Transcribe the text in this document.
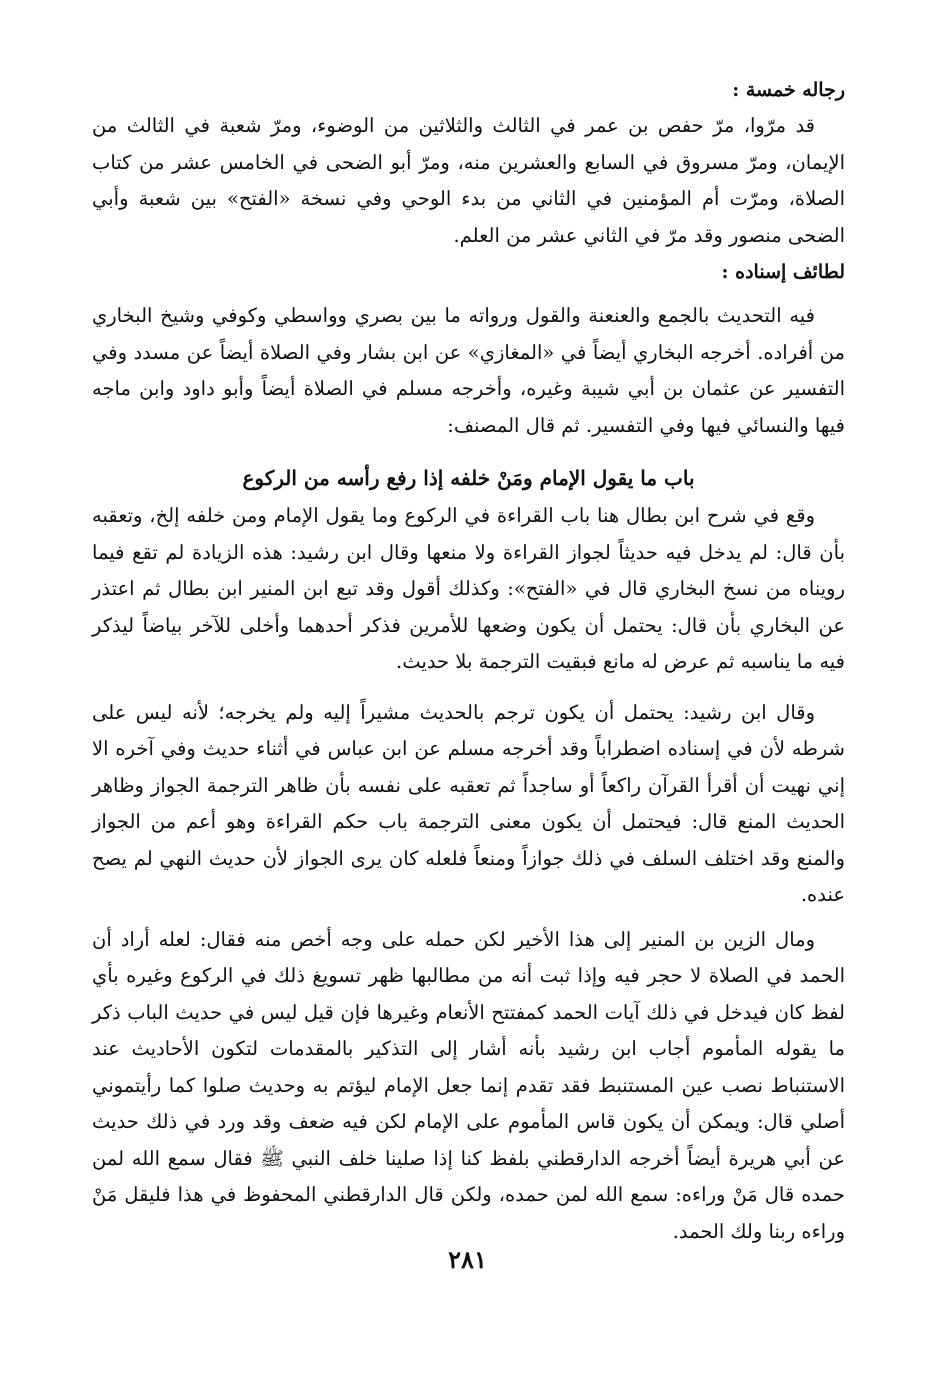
رجاله خمسة :

قد مرّوا، مرّ حفص بن عمر في الثالث والثلاثين من الوضوء، ومرّ شعبة في الثالث من الإيمان، ومرّ مسروق في السابع والعشرين منه، ومرّ أبو الضحى في الخامس عشر من كتاب الصلاة، ومرّت أم المؤمنين في الثاني من بدء الوحي وفي نسخة «الفتح» بين شعبة وأبي الضحى منصور وقد مرّ في الثاني عشر من العلم.

لطائف إسناده :

فيه التحديث بالجمع والعنعنة والقول ورواته ما بين بصري وواسطي وكوفي وشيخ البخاري من أفراده. أخرجه البخاري أيضاً في «المغازي» عن ابن بشار وفي الصلاة أيضاً عن مسدد وفي التفسير عن عثمان بن أبي شيبة وغيره، وأخرجه مسلم في الصلاة أيضاً وأبو داود وابن ماجه فيها والنسائي فيها وفي التفسير. ثم قال المصنف:

باب ما يقول الإمام ومَنْ خلفه إذا رفع رأسه من الركوع

وقع في شرح ابن بطال هنا باب القراءة في الركوع وما يقول الإمام ومن خلفه إلخ، وتعقبه بأن قال: لم يدخل فيه حديثاً لجواز القراءة ولا منعها وقال ابن رشيد: هذه الزيادة لم تقع فيما رويناه من نسخ البخاري قال في «الفتح»: وكذلك أقول وقد تبع ابن المنير ابن بطال ثم اعتذر عن البخاري بأن قال: يحتمل أن يكون وضعها للأمرين فذكر أحدهما وأخلى للآخر بياضاً ليذكر فيه ما يناسبه ثم عرض له مانع فبقيت الترجمة بلا حديث.

وقال ابن رشيد: يحتمل أن يكون ترجم بالحديث مشيراً إليه ولم يخرجه؛ لأنه ليس على شرطه لأن في إسناده اضطراباً وقد أخرجه مسلم عن ابن عباس في أثناء حديث وفي آخره الا إني نهيت أن أقرأ القرآن راكعاً أو ساجداً ثم تعقبه على نفسه بأن ظاهر الترجمة الجواز وظاهر الحديث المنع قال: فيحتمل أن يكون معنى الترجمة باب حكم القراءة وهو أعم من الجواز والمنع وقد اختلف السلف في ذلك جوازاً ومنعاً فلعله كان يرى الجواز لأن حديث النهي لم يصح عنده.

ومال الزين بن المنير إلى هذا الأخير لكن حمله على وجه أخص منه فقال: لعله أراد أن الحمد في الصلاة لا حجر فيه وإذا ثبت أنه من مطالبها ظهر تسويغ ذلك في الركوع وغيره بأي لفظ كان فيدخل في ذلك آيات الحمد كمفتتح الأنعام وغيرها فإن قيل ليس في حديث الباب ذكر ما يقوله المأموم أجاب ابن رشيد بأنه أشار إلى التذكير بالمقدمات لتكون الأحاديث عند الاستنباط نصب عين المستنبط فقد تقدم إنما جعل الإمام ليؤتم به وحديث صلوا كما رأيتموني أصلي قال: ويمكن أن يكون قاس المأموم على الإمام لكن فيه ضعف وقد ورد في ذلك حديث عن أبي هريرة أيضاً أخرجه الدارقطني بلفظ كنا إذا صلينا خلف النبي ﷺ فقال سمع الله لمن حمده قال مَنْ وراءه: سمع الله لمن حمده، ولكن قال الدارقطني المحفوظ في هذا فليقل مَنْ وراءه ربنا ولك الحمد.

٢٨١
